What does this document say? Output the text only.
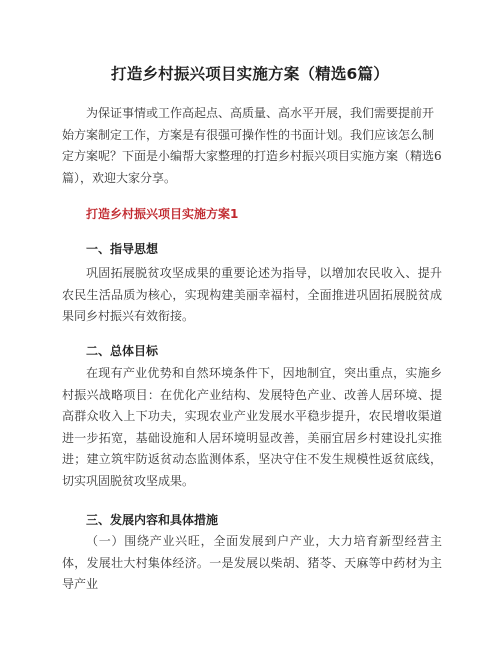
打造乡村振兴项目实施方案（精选6篇）

为保证事情或工作高起点、高质量、高水平开展，我们需要提前开始方案制定工作，方案是有很强可操作性的书面计划。我们应该怎么制定方案呢？下面是小编帮大家整理的打造乡村振兴项目实施方案（精选6篇），欢迎大家分享。

打造乡村振兴项目实施方案1
一、指导思想

巩固拓展脱贫攻坚成果的重要论述为指导，以增加农民收入、提升农民生活品质为核心，实现构建美丽幸福村，全面推进巩固拓展脱贫成果同乡村振兴有效衔接。

二、总体目标

在现有产业优势和自然环境条件下，因地制宜，突出重点，实施乡村振兴战略项目：在优化产业结构、发展特色产业、改善人居环境、提高群众收入上下功夫，实现农业产业发展水平稳步提升，农民增收渠道进一步拓宽，基础设施和人居环境明显改善，美丽宜居乡村建设扎实推进；建立筑牢防返贫动态监测体系，坚决守住不发生规模性返贫底线，切实巩固脱贫攻坚成果。

三、发展内容和具体措施

（一）围绕产业兴旺，全面发展到户产业，大力培育新型经营主体，发展壮大村集体经济。一是发展以柴胡、猪苓、天麻等中药材为主导产业
